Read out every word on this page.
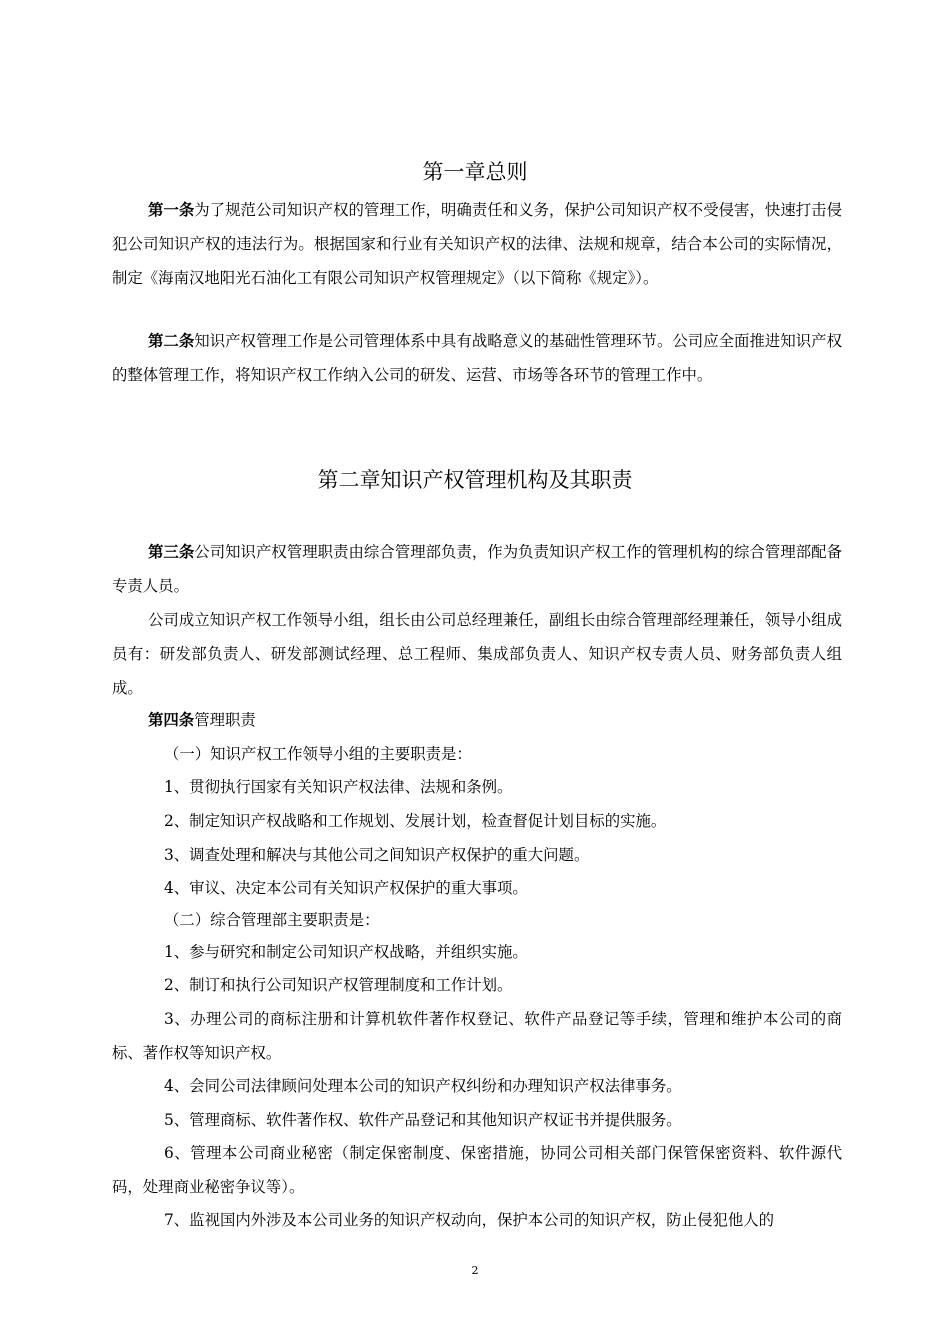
第一章总则

第一条为了规范公司知识产权的管理工作，明确责任和义务，保护公司知识产权不受侵害，快速打击侵犯公司知识产权的违法行为。根据国家和行业有关知识产权的法律、法规和规章，结合本公司的实际情况，制定《海南汉地阳光石油化工有限公司知识产权管理规定》（以下简称《规定》）。

第二条知识产权管理工作是公司管理体系中具有战略意义的基础性管理环节。公司应全面推进知识产权的整体管理工作，将知识产权工作纳入公司的研发、运营、市场等各环节的管理工作中。

第二章知识产权管理机构及其职责

第三条公司知识产权管理职责由综合管理部负责，作为负责知识产权工作的管理机构的综合管理部配备专责人员。

公司成立知识产权工作领导小组，组长由公司总经理兼任，副组长由综合管理部经理兼任，领导小组成员有：研发部负责人、研发部测试经理、总工程师、集成部负责人、知识产权专责人员、财务部负责人组成。

第四条管理职责

（一）知识产权工作领导小组的主要职责是：

1、贯彻执行国家有关知识产权法律、法规和条例。

2、制定知识产权战略和工作规划、发展计划，检查督促计划目标的实施。

3、调查处理和解决与其他公司之间知识产权保护的重大问题。

4、审议、决定本公司有关知识产权保护的重大事项。

（二）综合管理部主要职责是：

1、参与研究和制定公司知识产权战略，并组织实施。

2、制订和执行公司知识产权管理制度和工作计划。

3、办理公司的商标注册和计算机软件著作权登记、软件产品登记等手续，管理和维护本公司的商标、著作权等知识产权。

4、会同公司法律顾问处理本公司的知识产权纠纷和办理知识产权法律事务。

5、管理商标、软件著作权、软件产品登记和其他知识产权证书并提供服务。

6、管理本公司商业秘密（制定保密制度、保密措施，协同公司相关部门保管保密资料、软件源代码，处理商业秘密争议等）。

7、监视国内外涉及本公司业务的知识产权动向，保护本公司的知识产权，防止侵犯他人的

2
